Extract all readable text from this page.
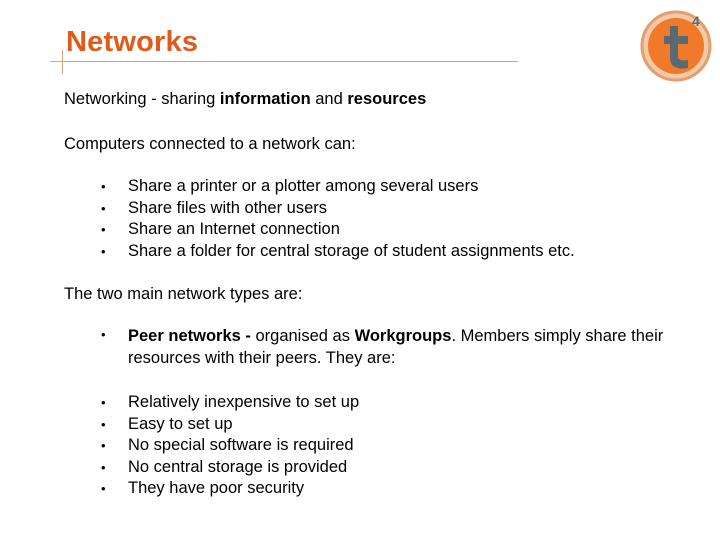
Networks
4
Networking - sharing information and resources
Computers connected to a network can:
• Share a printer or a plotter among several users
• Share files with other users
• Share an Internet connection
• Share a folder for central storage of student assignments etc.
The two main network types are:
• Peer networks - organised as Workgroups. Members simply share their resources with their peers. They are:
• Relatively inexpensive to set up
• Easy to set up
• No special software is required
• No central storage is provided
• They have poor security
